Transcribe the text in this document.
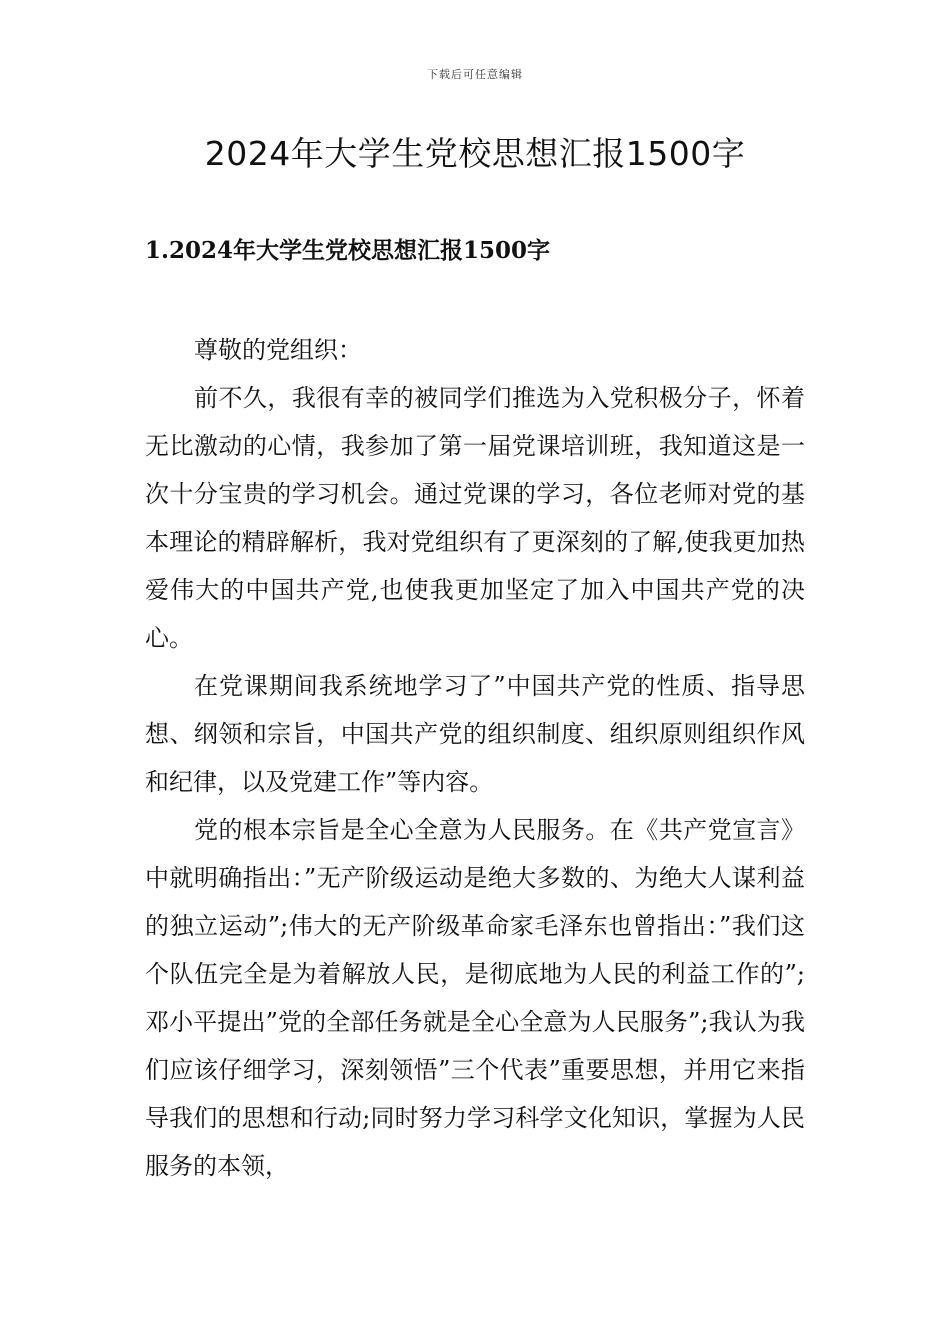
下载后可任意编辑
2024年大学生党校思想汇报1500字
1.2024年大学生党校思想汇报1500字

尊敬的党组织：

前不久，我很有幸的被同学们推选为入党积极分子，怀着无比激动的心情，我参加了第一届党课培训班，我知道这是一次十分宝贵的学习机会。通过党课的学习，各位老师对党的基本理论的精辟解析，我对党组织有了更深刻的了解,使我更加热爱伟大的中国共产党,也使我更加坚定了加入中国共产党的决心。

在党课期间我系统地学习了”中国共产党的性质、指导思想、纲领和宗旨，中国共产党的组织制度、组织原则组织作风和纪律，以及党建工作”等内容。

党的根本宗旨是全心全意为人民服务。在《共产党宣言》中就明确指出：”无产阶级运动是绝大多数的、为绝大人谋利益的独立运动”;伟大的无产阶级革命家毛泽东也曾指出：”我们这个队伍完全是为着解放人民，是彻底地为人民的利益工作的”;邓小平提出”党的全部任务就是全心全意为人民服务”;我认为我们应该仔细学习，深刻领悟”三个代表”重要思想，并用它来指导我们的思想和行动;同时努力学习科学文化知识，掌握为人民服务的本领，
